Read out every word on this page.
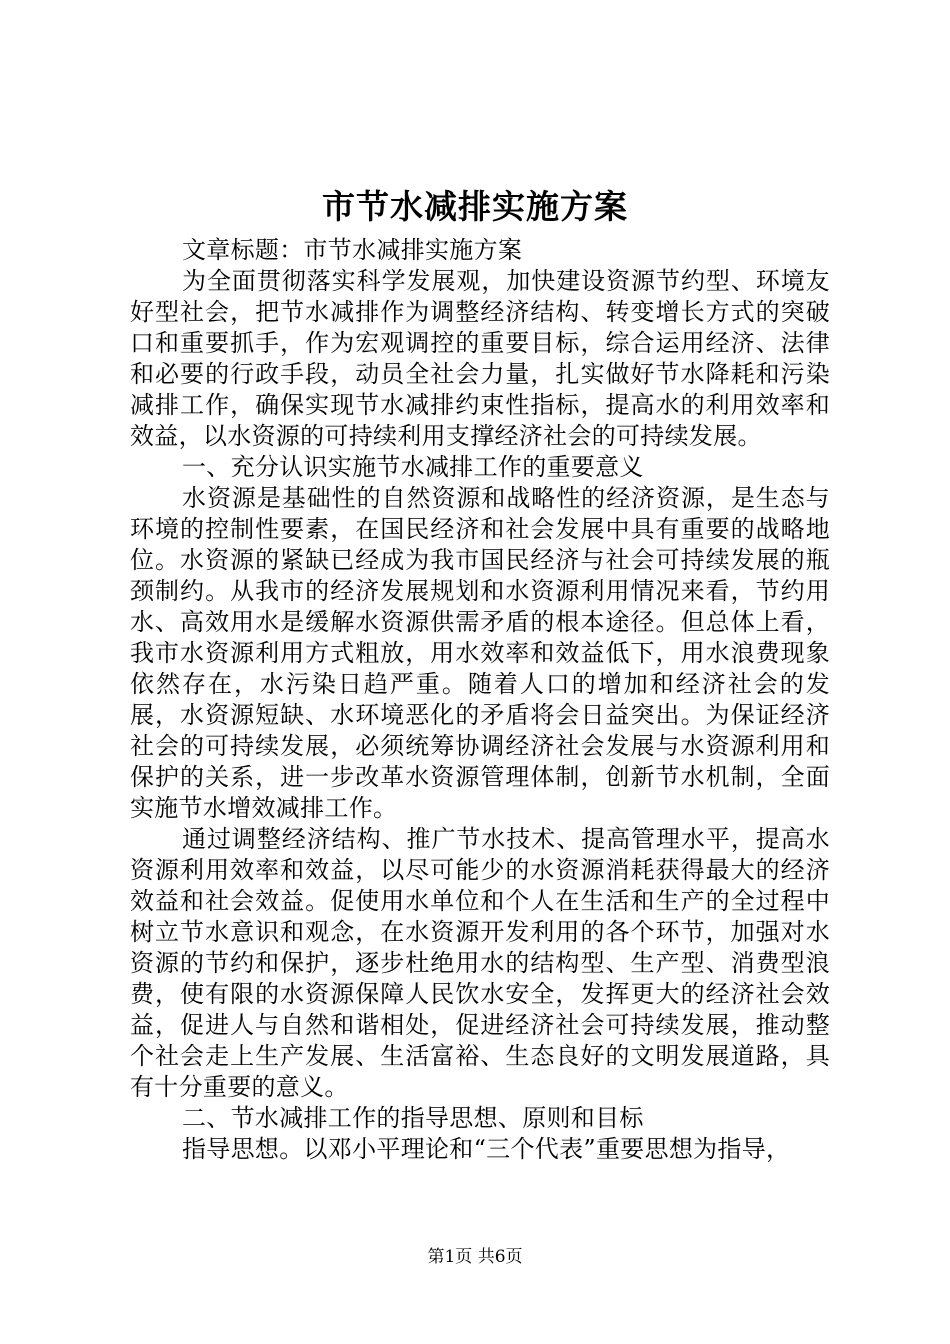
市节水减排实施方案

文章标题：市节水减排实施方案

为全面贯彻落实科学发展观，加快建设资源节约型、环境友好型社会，把节水减排作为调整经济结构、转变增长方式的突破口和重要抓手，作为宏观调控的重要目标，综合运用经济、法律和必要的行政手段，动员全社会力量，扎实做好节水降耗和污染减排工作，确保实现节水减排约束性指标，提高水的利用效率和效益，以水资源的可持续利用支撑经济社会的可持续发展。

一、充分认识实施节水减排工作的重要意义

水资源是基础性的自然资源和战略性的经济资源，是生态与环境的控制性要素，在国民经济和社会发展中具有重要的战略地位。水资源的紧缺已经成为我市国民经济与社会可持续发展的瓶颈制约。从我市的经济发展规划和水资源利用情况来看，节约用水、高效用水是缓解水资源供需矛盾的根本途径。但总体上看，我市水资源利用方式粗放，用水效率和效益低下，用水浪费现象依然存在，水污染日趋严重。随着人口的增加和经济社会的发展，水资源短缺、水环境恶化的矛盾将会日益突出。为保证经济社会的可持续发展，必须统筹协调经济社会发展与水资源利用和保护的关系，进一步改革水资源管理体制，创新节水机制，全面实施节水增效减排工作。

通过调整经济结构、推广节水技术、提高管理水平，提高水资源利用效率和效益，以尽可能少的水资源消耗获得最大的经济效益和社会效益。促使用水单位和个人在生活和生产的全过程中树立节水意识和观念，在水资源开发利用的各个环节，加强对水资源的节约和保护，逐步杜绝用水的结构型、生产型、消费型浪费，使有限的水资源保障人民饮水安全，发挥更大的经济社会效益，促进人与自然和谐相处，促进经济社会可持续发展，推动整个社会走上生产发展、生活富裕、生态良好的文明发展道路，具有十分重要的意义。

二、节水减排工作的指导思想、原则和目标

指导思想。以邓小平理论和“三个代表”重要思想为指导，

第1页 共6页
